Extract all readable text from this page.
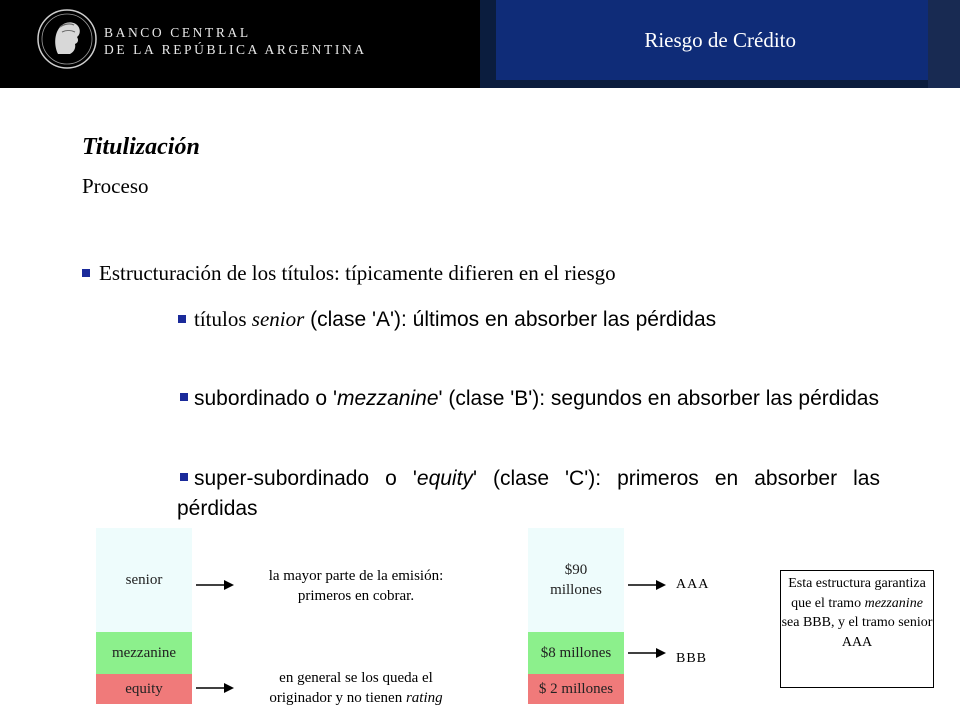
Riesgo de Crédito
BANCO CENTRAL
DE LA REPÚBLICA ARGENTINA
Titulización
Proceso
Estructuración de los títulos: típicamente difieren en el riesgo
títulos senior (clase 'A'): últimos en absorber las pérdidas
subordinado o 'mezzanine' (clase 'B'): segundos en absorber las pérdidas
super-subordinado o 'equity' (clase 'C'): primeros en absorber las pérdidas
senior
mezzanine
equity
la mayor parte de la emisión:
primeros en cobrar.
en general se los queda el
originador y no tienen rating
$90
millones
$8 millones
$ 2 millones
AAA
BBB
Esta estructura garantiza que el tramo mezzanine sea BBB, y el tramo senior AAA
